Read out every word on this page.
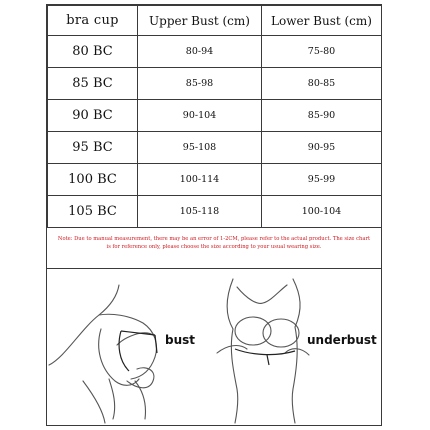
bra cup	Upper Bust (cm)	Lower Bust (cm)
80 BC	80-94	75-80
85 BC	85-98	80-85
90 BC	90-104	85-90
95 BC	95-108	90-95
100 BC	100-114	95-99
105 BC	105-118	100-104
Note: Due to manual measurement, there may be an error of 1-2CM, please refer to the actual product. The size chart is for reference only, please choose the size according to your usual wearing size.
bust	underbust
